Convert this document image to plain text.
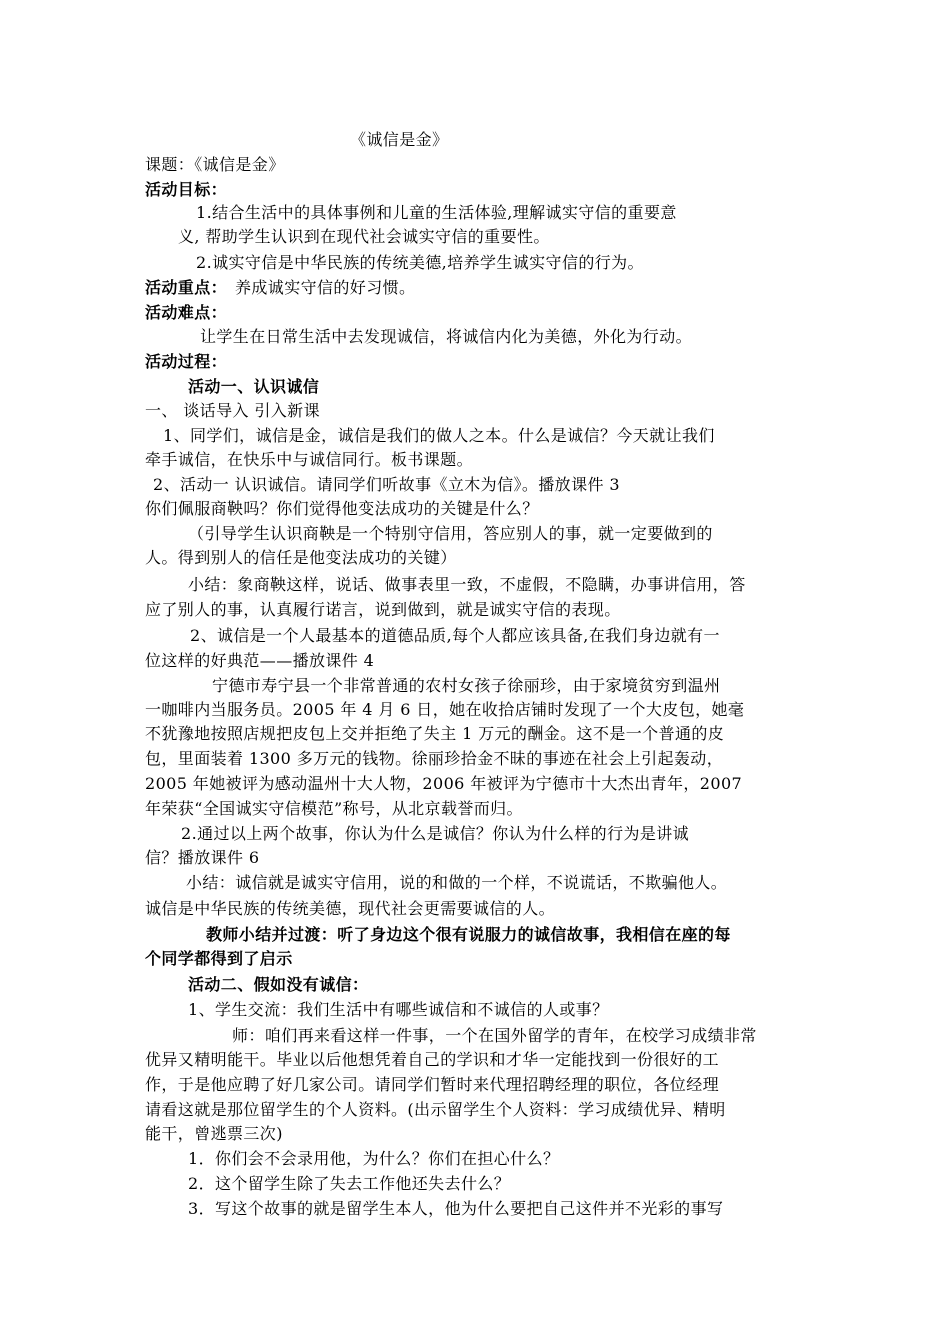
《诚信是金》
课题：《诚信是金》
活动目标：
1.结合生活中的具体事例和儿童的生活体验,理解诚实守信的重要意
义, 帮助学生认识到在现代社会诚实守信的重要性。
2.诚实守信是中华民族的传统美德,培养学生诚实守信的行为。
活动重点： 养成诚实守信的好习惯。
活动难点：
让学生在日常生活中去发现诚信，将诚信内化为美德，外化为行动。
活动过程：
活动一、认识诚信
一、 谈话导入 引入新课
1、同学们，诚信是金，诚信是我们的做人之本。什么是诚信？今天就让我们
牵手诚信，在快乐中与诚信同行。板书课题。
2、活动一 认识诚信。请同学们听故事《立木为信》。播放课件 3
你们佩服商鞅吗？你们觉得他变法成功的关键是什么？
（引导学生认识商鞅是一个特别守信用，答应别人的事，就一定要做到的
人。得到别人的信任是他变法成功的关键）
小结：象商鞅这样，说话、做事表里一致，不虚假，不隐瞒，办事讲信用，答
应了别人的事，认真履行诺言，说到做到，就是诚实守信的表现。
2、诚信是一个人最基本的道德品质,每个人都应该具备,在我们身边就有一
位这样的好典范——播放课件 4
宁德市寿宁县一个非常普通的农村女孩子徐丽珍，由于家境贫穷到温州
一咖啡内当服务员。2005 年 4 月 6 日，她在收拾店铺时发现了一个大皮包，她毫
不犹豫地按照店规把皮包上交并拒绝了失主 1 万元的酬金。这不是一个普通的皮
包，里面装着 1300 多万元的钱物。徐丽珍拾金不昧的事迹在社会上引起轰动，
2005 年她被评为感动温州十大人物，2006 年被评为宁德市十大杰出青年，2007
年荣获“全国诚实守信模范”称号，从北京载誉而归。
2.通过以上两个故事，你认为什么是诚信？你认为什么样的行为是讲诚
信？播放课件 6
小结：诚信就是诚实守信用，说的和做的一个样，不说谎话，不欺骗他人。
诚信是中华民族的传统美德，现代社会更需要诚信的人。
教师小结并过渡：听了身边这个很有说服力的诚信故事，我相信在座的每
个同学都得到了启示
活动二、假如没有诚信：
1、学生交流：我们生活中有哪些诚信和不诚信的人或事？
师：咱们再来看这样一件事，一个在国外留学的青年，在校学习成绩非常
优异又精明能干。毕业以后他想凭着自己的学识和才华一定能找到一份很好的工
作，于是他应聘了好几家公司。请同学们暂时来代理招聘经理的职位，各位经理
请看这就是那位留学生的个人资料。(出示留学生个人资料：学习成绩优异、精明
能干，曾逃票三次)
1．你们会不会录用他，为什么？你们在担心什么？
2．这个留学生除了失去工作他还失去什么？
3．写这个故事的就是留学生本人，他为什么要把自己这件并不光彩的事写
